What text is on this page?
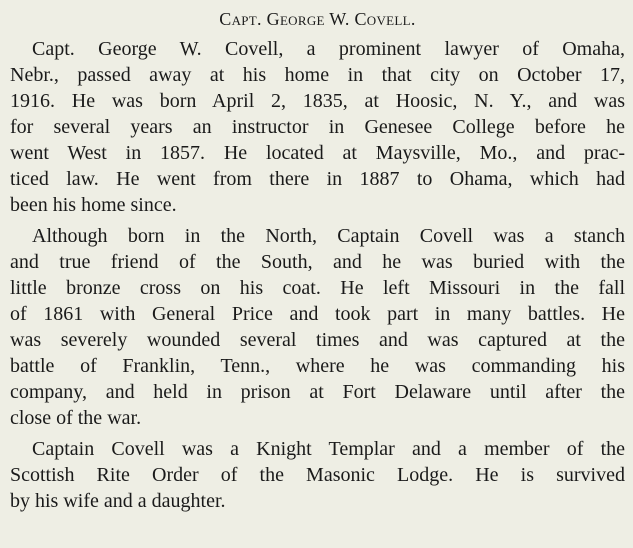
Capt. George W. Covell.
Capt. George W. Covell, a prominent lawyer of Omaha,
Nebr., passed away at his home in that city on October 17,
1916. He was born April 2, 1835, at Hoosic, N. Y., and was
for several years an instructor in Genesee College before he
went West in 1857. He located at Maysville, Mo., and prac-
ticed law. He went from there in 1887 to Ohama, which had
been his home since.
Although born in the North, Captain Covell was a stanch
and true friend of the South, and he was buried with the
little bronze cross on his coat. He left Missouri in the fall
of 1861 with General Price and took part in many battles. He
was severely wounded several times and was captured at the
battle of Franklin, Tenn., where he was commanding his
company, and held in prison at Fort Delaware until after the
close of the war.
Captain Covell was a Knight Templar and a member of the
Scottish Rite Order of the Masonic Lodge. He is survived
by his wife and a daughter.
